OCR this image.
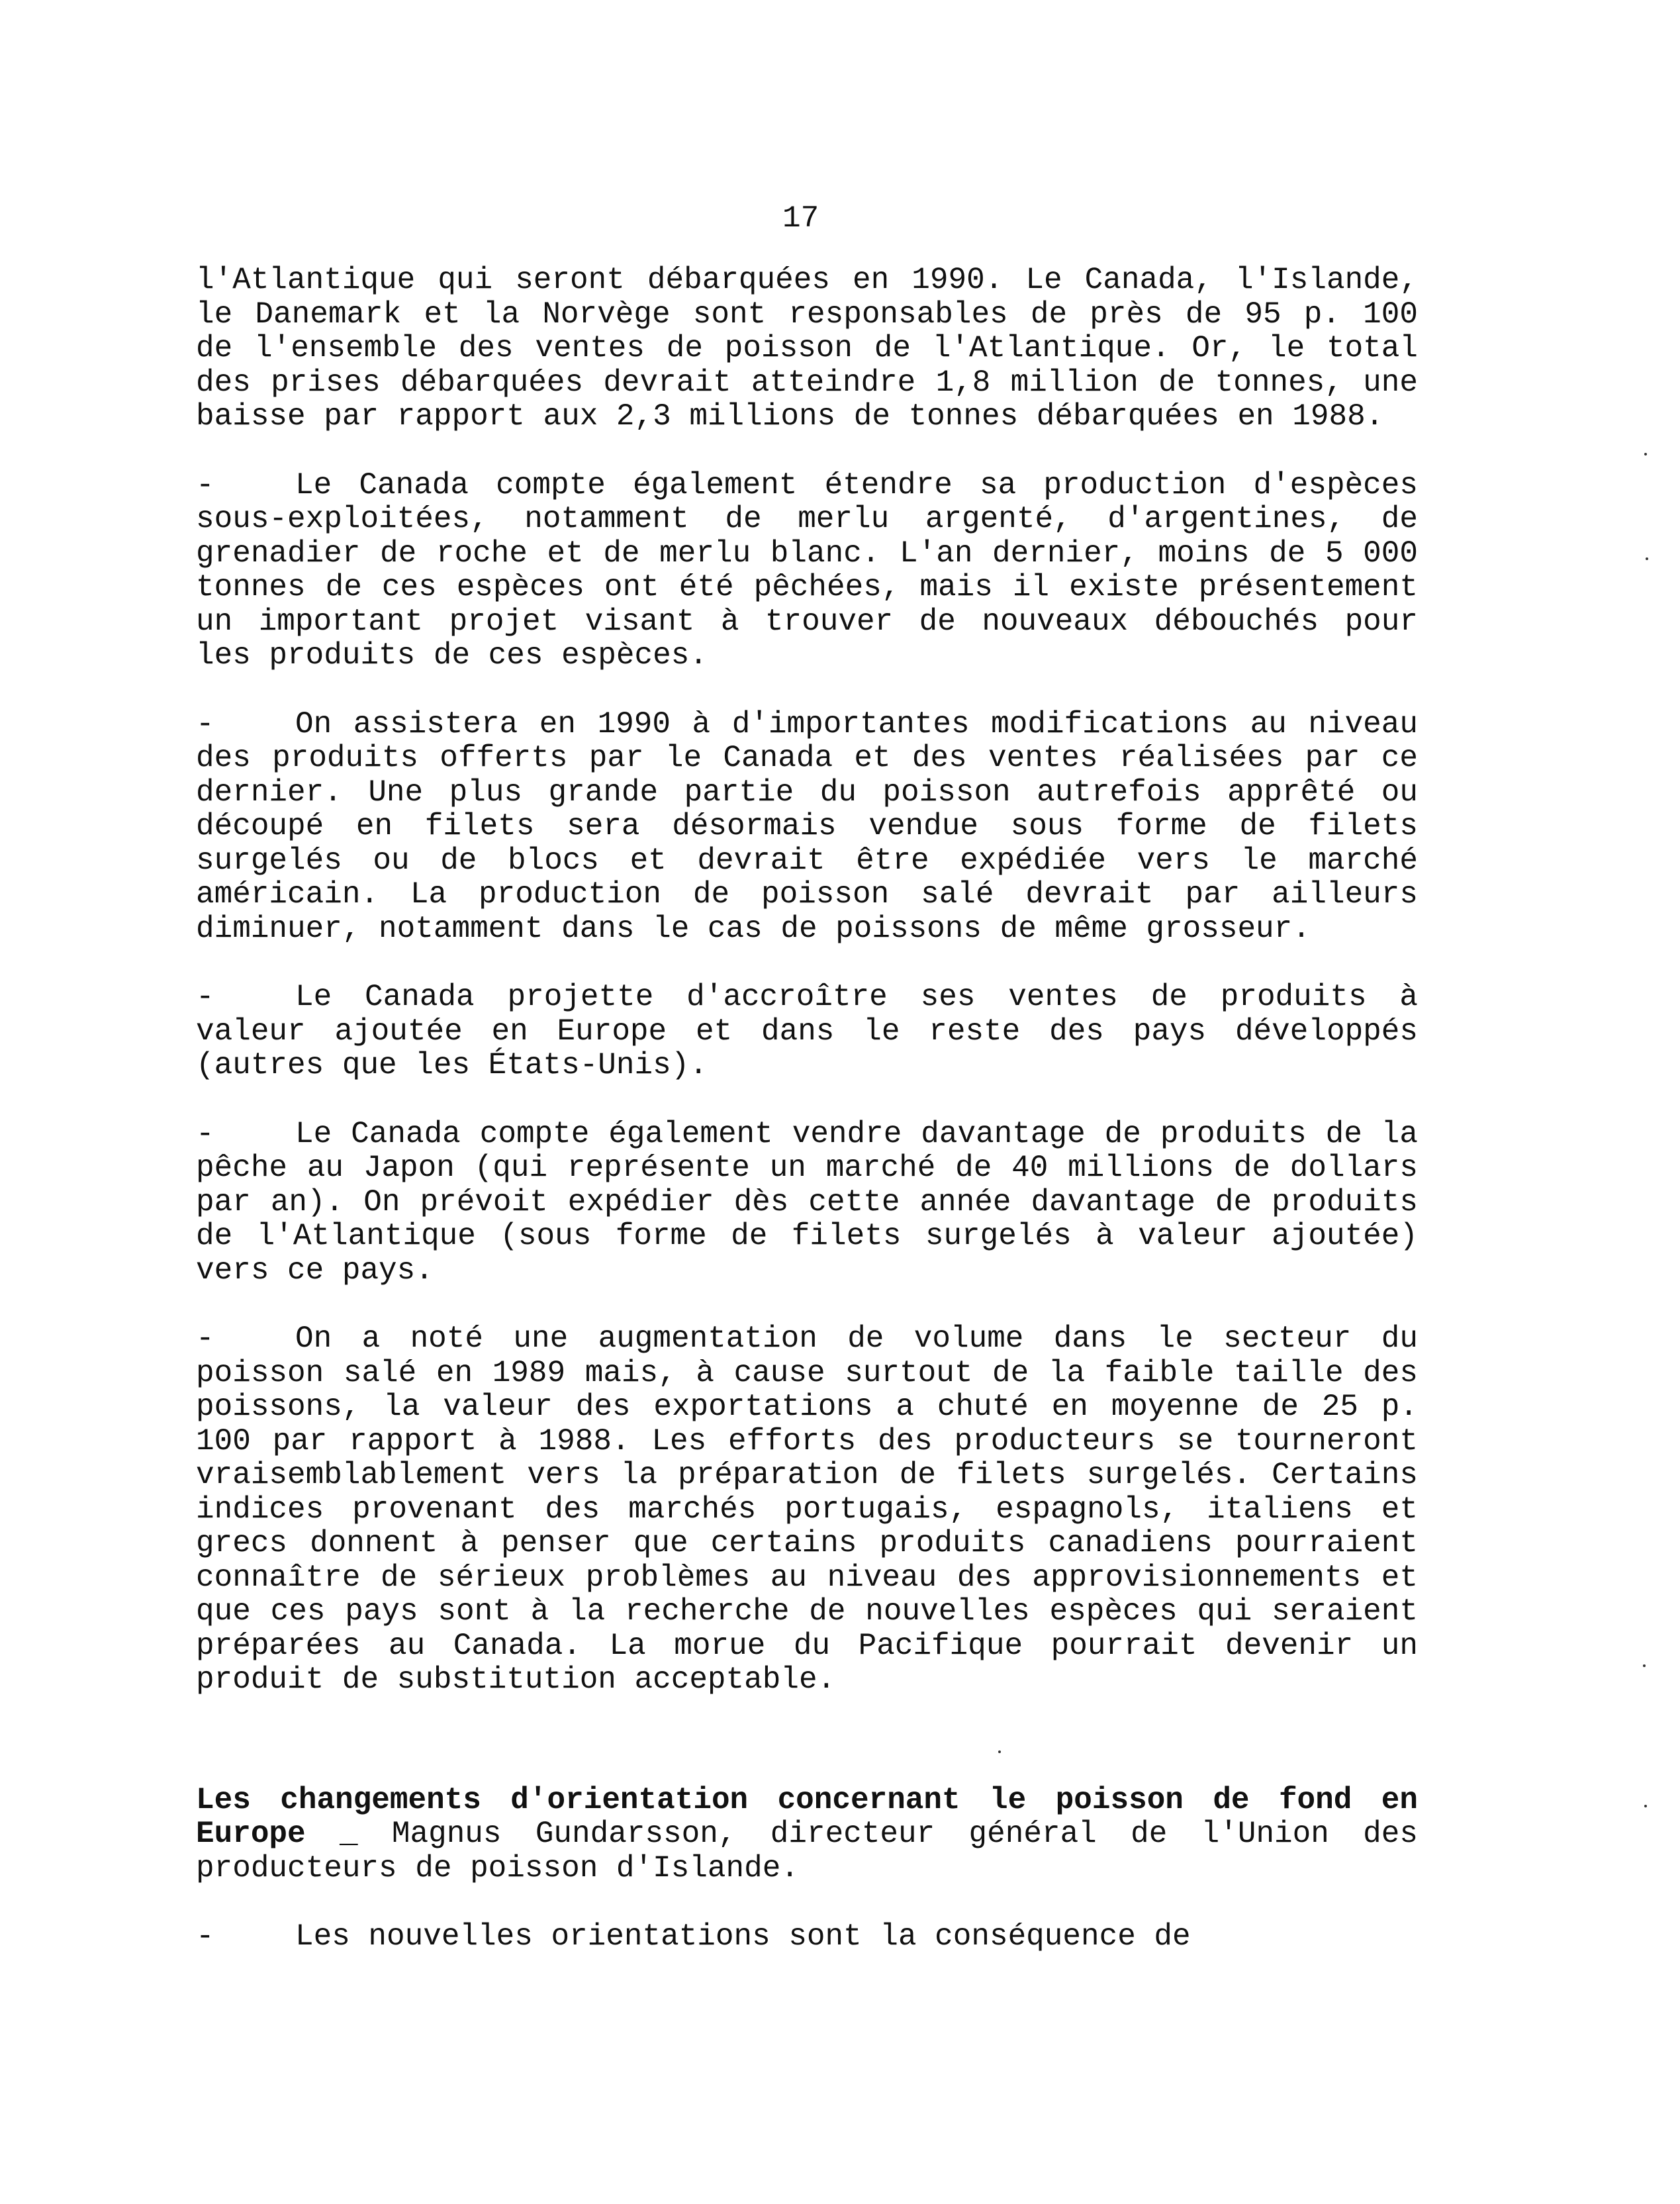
17

l'Atlantique qui seront débarquées en 1990. Le Canada, l'Islande, le Danemark et la Norvège sont responsables de près de 95 p. 100 de l'ensemble des ventes de poisson de l'Atlantique. Or, le total des prises débarquées devrait atteindre 1,8 million de tonnes, une baisse par rapport aux 2,3 millions de tonnes débarquées en 1988.

-	Le Canada compte également étendre sa production d'espèces sous-exploitées, notamment de merlu argenté, d'argentines, de grenadier de roche et de merlu blanc. L'an dernier, moins de 5 000 tonnes de ces espèces ont été pêchées, mais il existe présentement un important projet visant à trouver de nouveaux débouchés pour les produits de ces espèces.

-	On assistera en 1990 à d'importantes modifications au niveau des produits offerts par le Canada et des ventes réalisées par ce dernier. Une plus grande partie du poisson autrefois apprêté ou découpé en filets sera désormais vendue sous forme de filets surgelés ou de blocs et devrait être expédiée vers le marché américain. La production de poisson salé devrait par ailleurs diminuer, notamment dans le cas de poissons de même grosseur.

-	Le Canada projette d'accroître ses ventes de produits à valeur ajoutée en Europe et dans le reste des pays développés (autres que les États-Unis).

-	Le Canada compte également vendre davantage de produits de la pêche au Japon (qui représente un marché de 40 millions de dollars par an). On prévoit expédier dès cette année davantage de produits de l'Atlantique (sous forme de filets surgelés à valeur ajoutée) vers ce pays.

-	On a noté une augmentation de volume dans le secteur du poisson salé en 1989 mais, à cause surtout de la faible taille des poissons, la valeur des exportations a chuté en moyenne de 25 p. 100 par rapport à 1988. Les efforts des producteurs se tourneront vraisemblablement vers la préparation de filets surgelés. Certains indices provenant des marchés portugais, espagnols, italiens et grecs donnent à penser que certains produits canadiens pourraient connaître de sérieux problèmes au niveau des approvisionnements et que ces pays sont à la recherche de nouvelles espèces qui seraient préparées au Canada. La morue du Pacifique pourrait devenir un produit de substitution acceptable.

Les changements d'orientation concernant le poisson de fond en Europe _ Magnus Gundarsson, directeur général de l'Union des producteurs de poisson d'Islande.

-	Les nouvelles orientations sont la conséquence de
